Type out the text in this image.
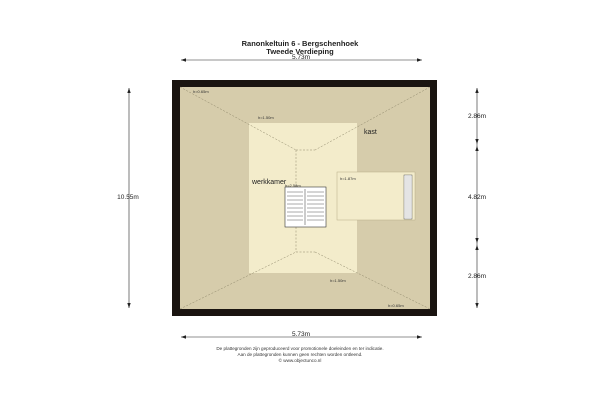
Ranonkeltuin 6 - Bergschenhoek
Tweede Verdieping
kast
werkkamer
h=0.65m
h=1.50m
h=2.58m
h=1.87m
h=1.50m
h=0.65m
5.73m
5.73m
10.55m
2.86m
4.82m
2.86m
De plattegronden zijn geproduceerd voor promotionele doeleinden en ter indicatie.
Aan de plattegronden kunnen geen rechten worden ontleend.
© www.objectunco.nl
